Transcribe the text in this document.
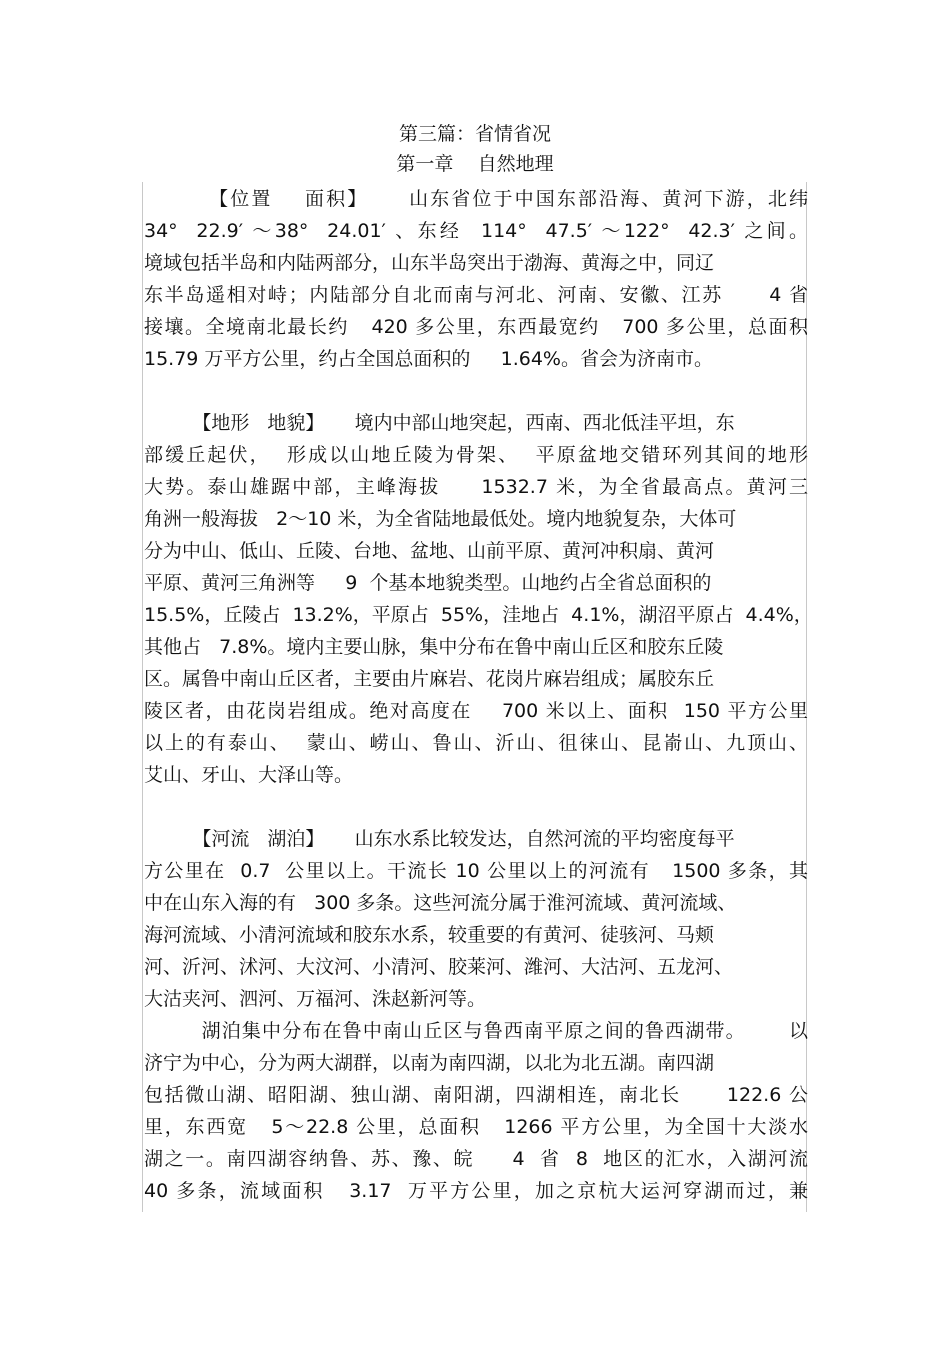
第三篇：省情省况
第一章    自然地理
【位置    面积】     山东省位于中国东部沿海、黄河下游，北纬
34°  22.9′ ～38°  24.01′ 、东经  114°  47.5′ ～122°  42.3′ 之间。
境域包括半岛和内陆两部分，山东半岛突出于渤海、黄海之中，同辽
东半岛遥相对峙；内陆部分自北而南与河北、河南、安徽、江苏      4 省
接壤。全境南北最长约   420 多公里，东西最宽约   700 多公里，总面积
15.79 万平方公里，约占全国总面积的     1.64%。省会为济南市。
【地形   地貌】     境内中部山地突起，西南、西北低洼平坦，东
部缓丘起伏，  形成以山地丘陵为骨架、  平原盆地交错环列其间的地形
大势。泰山雄踞中部，主峰海拔     1532.7 米，为全省最高点。黄河三
角洲一般海拔   2～10 米，为全省陆地最低处。境内地貌复杂，大体可
分为中山、低山、丘陵、台地、盆地、山前平原、黄河冲积扇、黄河
平原、黄河三角洲等     9  个基本地貌类型。山地约占全省总面积的
15.5%，丘陵占  13.2%，平原占  55%，洼地占  4.1%，湖沼平原占  4.4%，
其他占   7.8%。境内主要山脉，集中分布在鲁中南山丘区和胶东丘陵
区。属鲁中南山丘区者，主要由片麻岩、花岗片麻岩组成；属胶东丘
陵区者，由花岗岩组成。绝对高度在    700 米以上、面积  150 平方公里
以上的有泰山、  蒙山、崂山、鲁山、沂山、徂徕山、昆嵛山、九顶山、
艾山、牙山、大泽山等。
【河流   湖泊】     山东水系比较发达，自然河流的平均密度每平
方公里在  0.7  公里以上。干流长 10 公里以上的河流有   1500 多条，其
中在山东入海的有   300 多条。这些河流分属于淮河流域、黄河流域、
海河流域、小清河流域和胶东水系，较重要的有黄河、徒骇河、马颊
河、沂河、沭河、大汶河、小清河、胶莱河、潍河、大沽河、五龙河、
大沽夹河、泗河、万福河、洙赵新河等。
湖泊集中分布在鲁中南山丘区与鲁西南平原之间的鲁西湖带。      以
济宁为中心，分为两大湖群，以南为南四湖，以北为北五湖。南四湖
包括微山湖、昭阳湖、独山湖、南阳湖，四湖相连，南北长      122.6 公
里，东西宽   5～22.8 公里，总面积   1266 平方公里，为全国十大淡水
湖之一。南四湖容纳鲁、苏、豫、皖     4  省  8  地区的汇水，入湖河流
40 多条，流域面积   3.17  万平方公里，加之京杭大运河穿湖而过，兼
